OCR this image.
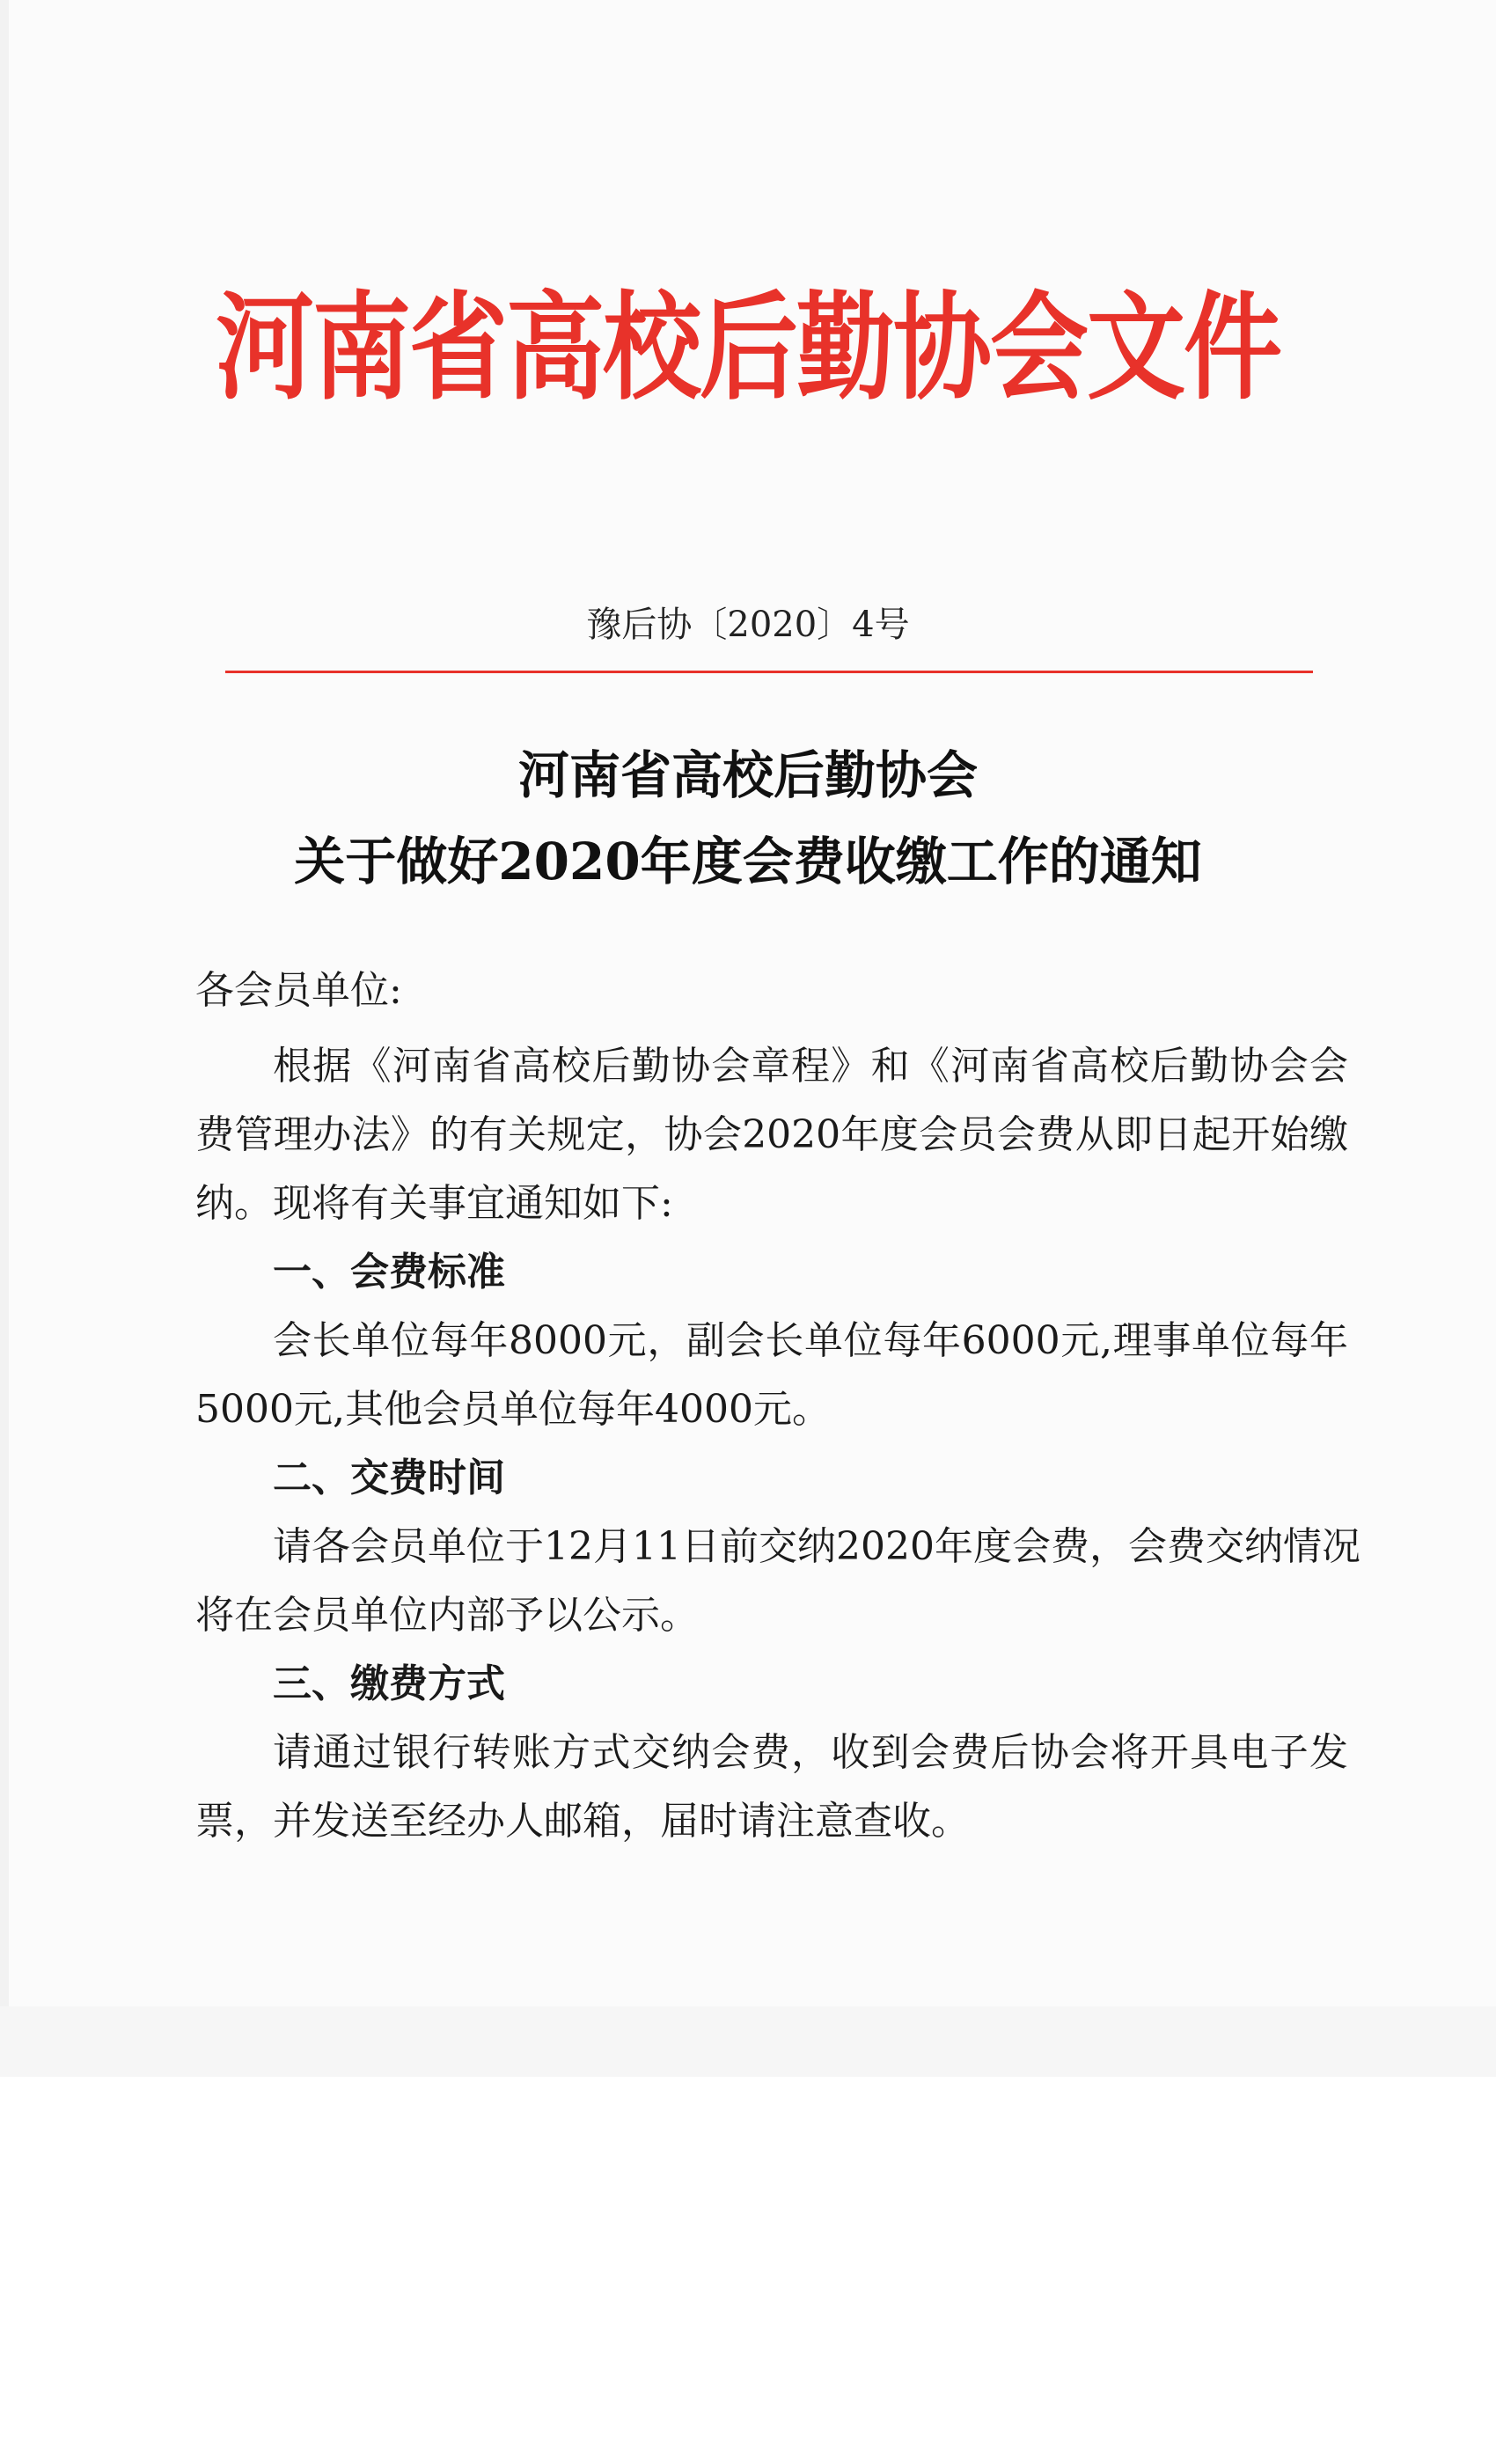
河南省高校后勤协会文件
豫后协〔2020〕4号
河南省高校后勤协会
关于做好2020年度会费收缴工作的通知
各会员单位:
根据《河南省高校后勤协会章程》和《河南省高校后勤协会会
费管理办法》的有关规定，协会2020年度会员会费从即日起开始缴
纳。现将有关事宜通知如下:
一、会费标准
会长单位每年8000元，副会长单位每年6000元,理事单位每年
5000元,其他会员单位每年4000元。
二、交费时间
请各会员单位于12月11日前交纳2020年度会费，会费交纳情况
将在会员单位内部予以公示。
三、缴费方式
请通过银行转账方式交纳会费，收到会费后协会将开具电子发
票，并发送至经办人邮箱，届时请注意查收。
